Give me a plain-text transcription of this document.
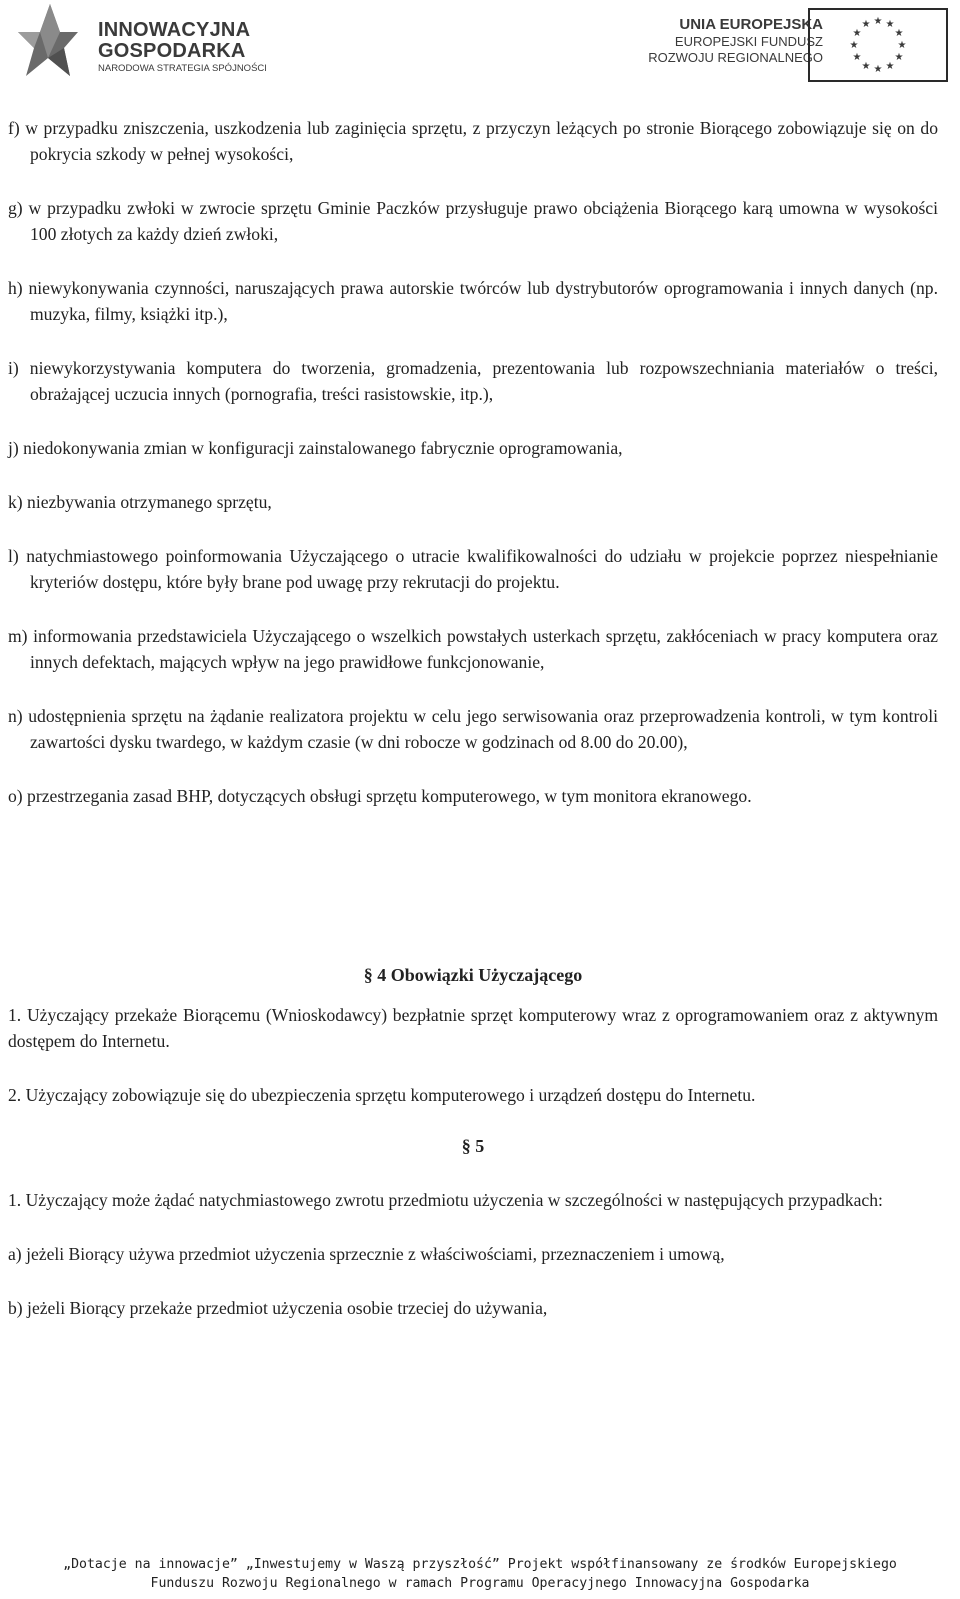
INNOWACYJNA
GOSPODARKA
NARODOWA STRATEGIA SPÓJNOŚCI
UNIA EUROPEJSKA
EUROPEJSKI FUNDUSZ
ROZWOJU REGIONALNEGO
★ ★
★
★
★
★
★
★
★
★
★
★

f) w przypadku zniszczenia, uszkodzenia lub zaginięcia sprzętu, z przyczyn leżących po stronie Biorącego zobowiązuje się on do pokrycia szkody w pełnej wysokości,

g) w przypadku zwłoki w zwrocie sprzętu Gminie Paczków przysługuje prawo obciążenia Biorącego karą umowna w wysokości 100 złotych za każdy dzień zwłoki,

h) niewykonywania czynności, naruszających prawa autorskie twórców lub dystrybutorów oprogramowania i innych danych (np. muzyka, filmy, książki itp.),

i) niewykorzystywania komputera do tworzenia, gromadzenia, prezentowania lub rozpowszechniania materiałów o treści, obrażającej uczucia innych (pornografia, treści rasistowskie, itp.),

j) niedokonywania zmian w konfiguracji zainstalowanego fabrycznie oprogramowania,

k) niezbywania otrzymanego sprzętu,

l) natychmiastowego poinformowania Użyczającego o utracie kwalifikowalności do udziału w projekcie poprzez niespełnianie kryteriów dostępu, które były brane pod uwagę przy rekrutacji do projektu.

m) informowania przedstawiciela Użyczającego o wszelkich powstałych usterkach sprzętu, zakłóceniach w pracy komputera oraz innych defektach, mających wpływ na jego prawidłowe funkcjonowanie,

n) udostępnienia sprzętu na żądanie realizatora projektu w celu jego serwisowania oraz przeprowadzenia kontroli, w tym kontroli zawartości dysku twardego, w każdym czasie (w dni robocze w godzinach od 8.00 do 20.00),

o) przestrzegania zasad BHP, dotyczących obsługi sprzętu komputerowego, w tym monitora ekranowego.

§ 4 Obowiązki Użyczającego

1. Użyczający przekaże Biorącemu (Wnioskodawcy) bezpłatnie sprzęt komputerowy wraz z oprogramowaniem oraz z aktywnym dostępem do Internetu.

2. Użyczający zobowiązuje się do ubezpieczenia sprzętu komputerowego i urządzeń dostępu do Internetu.

§ 5

1. Użyczający może żądać natychmiastowego zwrotu przedmiotu użyczenia w szczególności w następujących przypadkach:

a) jeżeli Biorący używa przedmiot użyczenia sprzecznie z właściwościami, przeznaczeniem i umową,

b) jeżeli Biorący przekaże przedmiot użyczenia osobie trzeciej do używania,

„Dotacje na innowacje” „Inwestujemy w Waszą przyszłość” Projekt współfinansowany ze środków Europejskiego
Funduszu Rozwoju Regionalnego w ramach Programu Operacyjnego Innowacyjna Gospodarka
